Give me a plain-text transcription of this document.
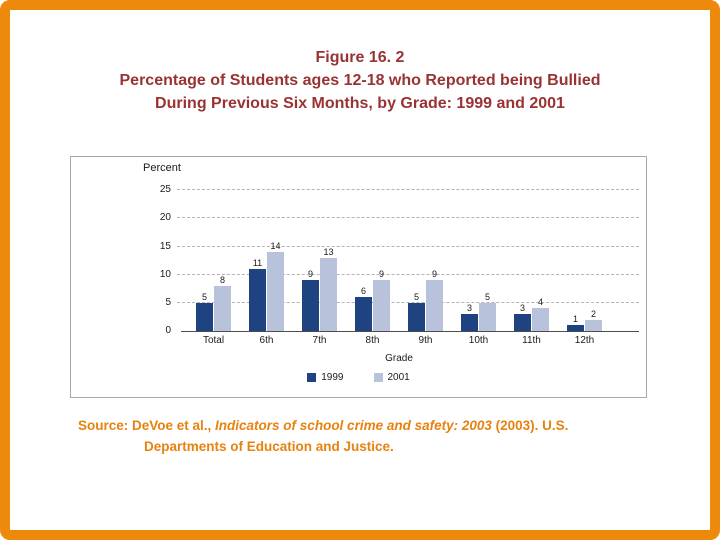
Figure 16. 2
Percentage of Students ages 12-18 who Reported being Bullied
During Previous Six Months, by Grade: 1999 and 2001
Percent
0
5
10
15
20
25
5
8
11
14
9
13
6
9
5
9
3
5
3
4
1
2
Total	6th	7th	8th	9th	10th	11th	12th
Grade
1999	2001
Source: DeVoe et al., Indicators of school crime and safety: 2003 (2003). U.S.
Departments of Education and Justice.
